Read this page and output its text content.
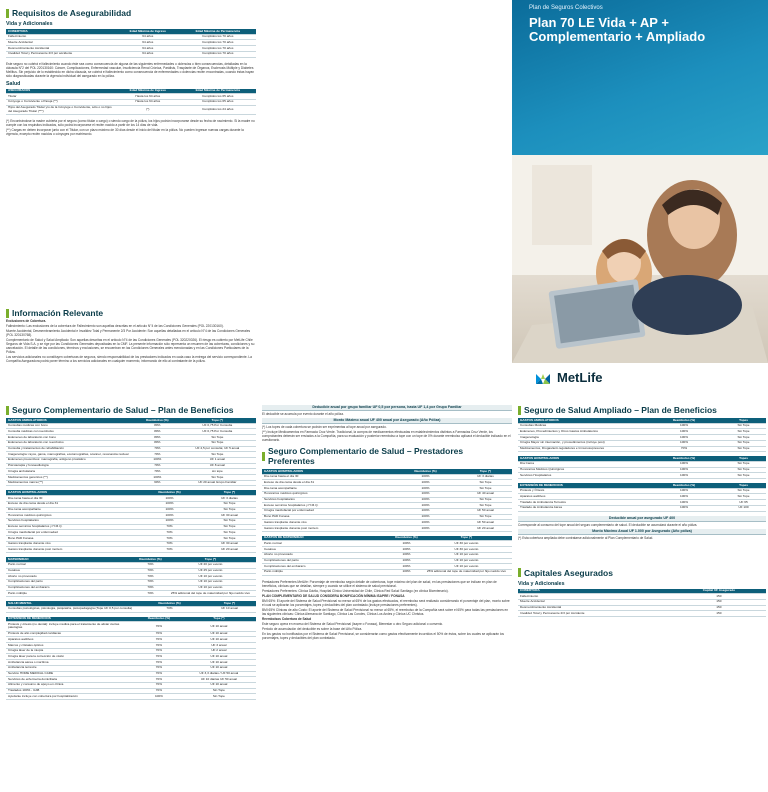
Requisitos de Asegurabilidad
Vida y Adicionales
COBERTURA	Edad Máxima de Ingreso	Edad Máxima de Permanencia
Fallecimiento	64 años	Cumplidos los 70 años
Muerte Accidental	64 años	Cumplidos los 70 años
Desmembramiento Accidental	64 años	Cumplidos los 70 años
Invalidez Total y Permanente 2/3 por accidente	64 años	Cumplidos los 70 años
Este seguro no cubrirá el fallecimiento cuando éste sea como consecuencia de alguna de las siguientes enfermedades o dolencias o bien consecuencias, detalladas en la cláusula N°2 del POL 220130160: Cáncer, Complicaciones, Enfermedad vascular, Insuficiencia Renal Crónica, Parálisis, Trasplante de Órganos, Esclerosis Múltiple y Diabetes Mellitus. Sin perjuicio de lo establecido en dicha cláusula, se cubrirá el fallecimiento como consecuencia de enfermedades o dolencias recién encontradas, cuando éstas hayan sido diagnosticadas durante la vigencia individual del asegurado en la póliza.
Salud
ASEGURADOS	Edad Máxima de Ingreso	Edad Máxima de Permanencia
Titular	Hasta los 64 años	Cumplidos los 65 años
Cónyuge o Conviviente o Pareja (**)	Hasta los 64 años	Cumplidos los 65 años
Hijos del Asegurado Titular y/o de la Cónyuge o Conviviente, sólo o no hijos del Asegurado Titular (***)	(*)	Cumplidos los 24 años
(*) Encontrándose la madre cubierta por el seguro (como titular o cargo) o siendo cargo de la póliza, los hijos podrán incorporarse desde su fecha de nacimiento. Si la madre no cumple con los requisitos indicados, sólo podrá incorporarse el recién nacido a partir de los 14 días de vida.
(**) Cargas en deben incorporar junto con el Titular, con un plazo máximo de 30 días desde el inicio del titular en la póliza. No pueden ingresar nuevas cargas durante la vigencia, excepto recién nacidos o cónyuges por matrimonio.
Información Relevante
Exclusiones de Cobertura.
Fallecimiento: Las exclusiones de la cobertura de Fallecimiento son aquellas descritas en el artículo N°4 de las Condiciones Generales (POL 220130160).
Muerte Accidental, Desmembramiento Accidental e Invalidez Total y Permanente 2/3 Por Accidente: Son aquellas detalladas en el artículo N°4 de las Condiciones Generales (POL 320130768).
Complementario de Salud y Salud Ampliado: Son aquellas descritas en el artículo N°4 de las Condiciones Generales (POL 320220026). El riesgo es cubierto por MetLife Chile Seguros de Vida S.A. y se rige por las Condiciones Generales depositadas en la CMF. La presente información sólo representa un resumen de las coberturas, condiciones y su cancelación. El detalle de las condiciones, términos y exclusiones, se encuentran en las Condiciones Generales antes mencionadas y en las Condiciones Particulares de la Póliza.
Los servicios adicionales no constituyen coberturas de seguros, siendo responsabilidad de los prestadores indicados en cada caso la entrega del servicio correspondiente. La Compañía Aseguradora podrá poner término a los servicios adicionales en cualquier momento, informando de ello al contratante de la póliza.
Plan de Seguros Colectivos
Plan 70 LE Vida + AP +
Complementario + Ampliado
MetLife
Seguro Complementario de Salud – Plan de Beneficios
GASTOS AMBULATORIOS	Reembolso (%)	Tope (*)
Consultas médicas con bono	80%	UF 0,75 Por Consulta
Consulta médicas con reembolso	80%	UF 0,75 Por Consulta
Exámenes de laboratorio con bono	80%	Sin Tope
Exámenes de laboratorio con reembolso	80%	Sin Tope
Consulta y tratamientos de rehabilitación	70%	UF 4,5 por consulta; UF 5 anual
Imagenología: rayos, gama, mamografías, ecotomografías, scanner, resonancia nuclear	70%	Sin Tope
Exámenes preventivos: mamografía, antígeno prostático	100%	UF 1 anual
Psicoterapia y fonoaudiología	70%	UF 8 anual
Cirugía ambulatoria	70%	sin tope
Medicamentos genéricos (**)	100%	Sin Tope
Medicamentos marca (**)	60%	UF 20 anual Grupo Familiar
GASTOS HOSPITALARIOS	Reembolso (%)	Tope (*)
Día cama hasta el día 30	100%	UF 3 diarias
Exceso de día cama desde el día 31	100%	Sin Tope
Día cama acompañante	100%	Sin Tope
Honorarios médicos quirúrgicos	100%	UF 30 anual
Servicios hospitalarios	100%	Sin Tope
Exceso servicios hospitalarios y H.M.Q.	70%	Sin Tope
Cirugía maxilofacial por enfermedad	70%	Sin Tope
Bono PAD Fonasa	70%	Sin Tope
Gastos trasplante donante vivo	70%	UF 30 anual
Gastos trasplante donante post mortem	70%	UF 20 anual
MATERNIDAD	Reembolso (%)	Tope (*)
Parto normal	70%	UF 20 por evento
Cesárea	70%	UF 25 por evento
Aborto no provocado	70%	UF 10 por evento
Complicaciones del parto	70%	UF 10 por evento
Complicaciones del embarazo	70%	UF 10 por evento
Parto múltiple	70%	25% adicional del tope de maternidad por hijo nacido vivo
SALUD MENTAL	Reembolso (%)	Tope (*)
Consultas psicológicas, psicología, psiquiatría, psicopedagogía (Tope UF 0,5 por consulta)	70%	UF 10 anual
EXTENSIÓN DE BENEFICIOS	Reembolso (%)	Tope (*)
Prótesis y órtesis (no dental): incluye médica para el tratamiento de aliviar ciertas patologías	70%	UF 10 anual
Prótesis de alto complejidad cardíacas	70%	UF 10 anual
Aparatos auditivos	70%	UF 10 anual
Marcos y cristales ópticos	70%	UF 3 anual
Cirugía láser de la miopía	70%	UF 2 anual
Cirugía láser para la corrección de visión	70%	UF 10 anual
Ambulancia aérea o marítima	70%	UF 10 anual
Ambulancia terrestre	70%	UF 10 anual
Servicio HOME MEDICAL CARE	70%	UF 3,3 diarias / UF 50 anual
Servicios de enfermería domiciliaria	70%	UF 10 diarias UF 50 anual
Alimento y consumo de apoyo en clínica	70%	UF 10 anual
Traslados 100% - UAB	70%	Sin Tope
Ayudante incluye con cobertura por hospitalización	100%	Sin Tope
Deducible anual por grupo familiar UF 0,5 por persona, hasta UF 1,4 por Grupo Familiar
El deducible se acumula por evento durante el año póliza.
Monto Máximo anual UF 400 anual por Asegurado (Año Póliza)
(*) Los topes de cada cobertura se podrán ser exprimentas al tope anual por asegurado.
(**) Incluye Medicamentos en Farmacia Cruz Verde. Tradicional, la compra de medicamentos efectuadas en establecimientos distintos a Farmacias Cruz Verde, los comprobantes deberán ser enviados a la Compañía, para su evaluación y posterior reembolso a tope con un tope de 0% durante reembolso aplicará el deducible indicado en el cuestionario.
Seguro Complementario de Salud – Prestadores Preferentes
GASTOS HOSPITALARIOS	Reembolso (%)	Tope (*)
Día cama hasta el día 30	100%	UF 3 diarias
Exceso de día cama desde el día 31	100%	Sin Tope
Día cama acompañante	100%	Sin Tope
Honorarios médicos quirúrgicos	100%	UF 40 anual
Servicios hospitalarios	100%	Sin Tope
Exceso servicios hospitalarios y H.M.Q.	100%	Sin Tope
Cirugía maxilofacial por enfermedad	100%	UF 50 anual
Bono PAD Fonasa	100%	Sin Tope
Gastos trasplante donante vivo	100%	UF 50 anual
Gastos trasplante donante post mortem	100%	UF 20 anual
GASTOS DE MATERNIDAD	Reembolso (%)	Tope (*)
Parto normal	100%	UF 30 por evento
Cesárea	100%	UF 30 por evento
Aborto no provocado	100%	UF 10 por evento
Complicaciones del parto	100%	UF 10 por evento
Complicaciones del embarazo	100%	UF 10 por evento
Parto múltiple	100%	25% adicional del tope de maternidad por hijo nacido vivo
Prestadores Preferentes MetLife: Porcentaje de reembolso según detalle de coberturas, tope máximo del plan de salud, en las prestaciones que se indican en plan de beneficios, clínicas que se detallan, siempre y cuando se utilice el sistema de salud previsional.
Prestadores Preferentes: Clínica Dávila, Hospital Clínico Universidad de Chile, Clínica Red Salud Santiago (ex clínica Bicentenario).
PLAN COMPLEMENTARIO DE SALUD CONSIDERA BONIFICACIÓN MÍNIMA ISAPRE / FONASA
BMI 65%: El aporte del Sistema de Salud Previsional no menor al 65% de los gastos efectuados, el reembolso será realizado considerando el porcentaje del plan, monto sobre el cual se aplicarán los porcentajes, topes y deducibles del plan contratado (incluye prestaciones preferentes).
BMI 65% Clínicas de alto Costo: El aporte del Sistema de Salud Previsional no menor al 65%, el reembolso de la Compañía será sobre el 65% para todas las prestaciones en las siguientes clínicas: Clínica Alemana de Santiago, Clínica Las Condes, Clínica Los Andes y Clínica UC Christus.
Reembolsos Cobertura de Salud
Este seguro opera en exceso del Sistema de Salud Previsional (Isapre o Fonasa), Bienestar u otro Seguro adicional o convenio.
Periodo de acumulación del deducible es sobre la base del Año Póliza.
En los gastos no bonificados por el Sistema de Salud Previsional, se considerarán como gastos efectivamente incurridos el 50% de éstos, sobre los cuales se aplicarán los porcentajes, topes y deducibles del plan contratado.
Seguro de Salud Ampliado – Plan de Beneficios
GASTOS AMBULATORIOS	Reembolso (%)	Topes
Consultas Médicas	100%	Sin Tope
Exámenes, Procedimientos y Otros Gastos Ambulatorios	100%	Sin Tope
Imagenología	100%	Sin Tope
Cirugía Mayor sin internación, y procedimientos (incluye post)	100%	Sin Tope
Medicamentos, Drogas/anti-reguladores e Inmunosupresores	70%	Sin Tope
GASTOS HOSPITALARIOS	Reembolso (%)	Topes
Día Cama	100%	Sin Tope
Honorarios Médicos Quirúrgicos	100%	Sin Tope
Servicios Hospitalarios	100%	Sin Tope
EXTENSIÓN DE BENEFICIOS	Reembolso (%)	Topes
Prótesis y Órtesis	100%	Sin Tope
Aparatos auditivos	100%	Sin Tope
Traslado de Ambulancia Terrestre	100%	UF 65
Traslado de Ambulancia Aérea	100%	UF 100
Deducible anual por asegurado UF 400
Corresponde al consumo del tope anual del seguro complementario de salud. El deducible se acumulará durante el año póliza.
Monto Máximo Anual UF 1.000 por Asegurado (Año póliza)
(*) Esta cobertura ampliada debe contratarse adicionalmente al Plan Complementario de Salud.
Capitales Asegurados
Vida y Adicionales
COBERTURA	Capital UF Asegurado
Fallecimiento	150
Muerte Accidental	150
Desmembramiento Accidental	150
Invalidez Total y Permanente 2/3 por Accidente	150
